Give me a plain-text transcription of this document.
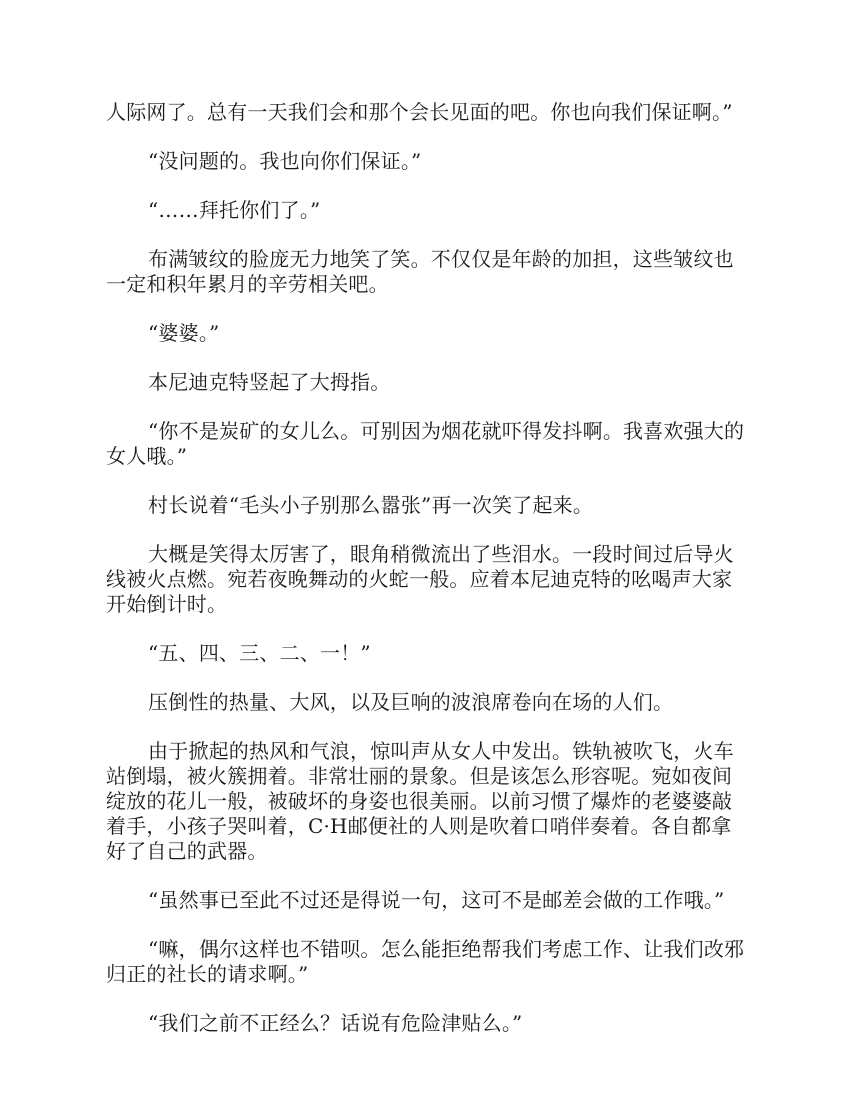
人际网了。总有一天我们会和那个会长见面的吧。你也向我们保证啊。”

“没问题的。我也向你们保证。”

“……拜托你们了。”

布满皱纹的脸庞无力地笑了笑。不仅仅是年龄的加担，这些皱纹也一定和积年累月的辛劳相关吧。

“婆婆。”

本尼迪克特竖起了大拇指。

“你不是炭矿的女儿么。可别因为烟花就吓得发抖啊。我喜欢强大的女人哦。”

村长说着“毛头小子别那么嚣张”再一次笑了起来。

大概是笑得太厉害了，眼角稍微流出了些泪水。一段时间过后导火线被火点燃。宛若夜晚舞动的火蛇一般。应着本尼迪克特的吆喝声大家开始倒计时。

“五、四、三、二、一！”

压倒性的热量、大风，以及巨响的波浪席卷向在场的人们。

由于掀起的热风和气浪，惊叫声从女人中发出。铁轨被吹飞，火车站倒塌，被火簇拥着。非常壮丽的景象。但是该怎么形容呢。宛如夜间绽放的花儿一般，被破坏的身姿也很美丽。以前习惯了爆炸的老婆婆敲着手，小孩子哭叫着，C·H邮便社的人则是吹着口哨伴奏着。各自都拿好了自己的武器。

“虽然事已至此不过还是得说一句，这可不是邮差会做的工作哦。”

“嘛，偶尔这样也不错呗。怎么能拒绝帮我们考虑工作、让我们改邪归正的社长的请求啊。”

“我们之前不正经么？话说有危险津贴么。”
